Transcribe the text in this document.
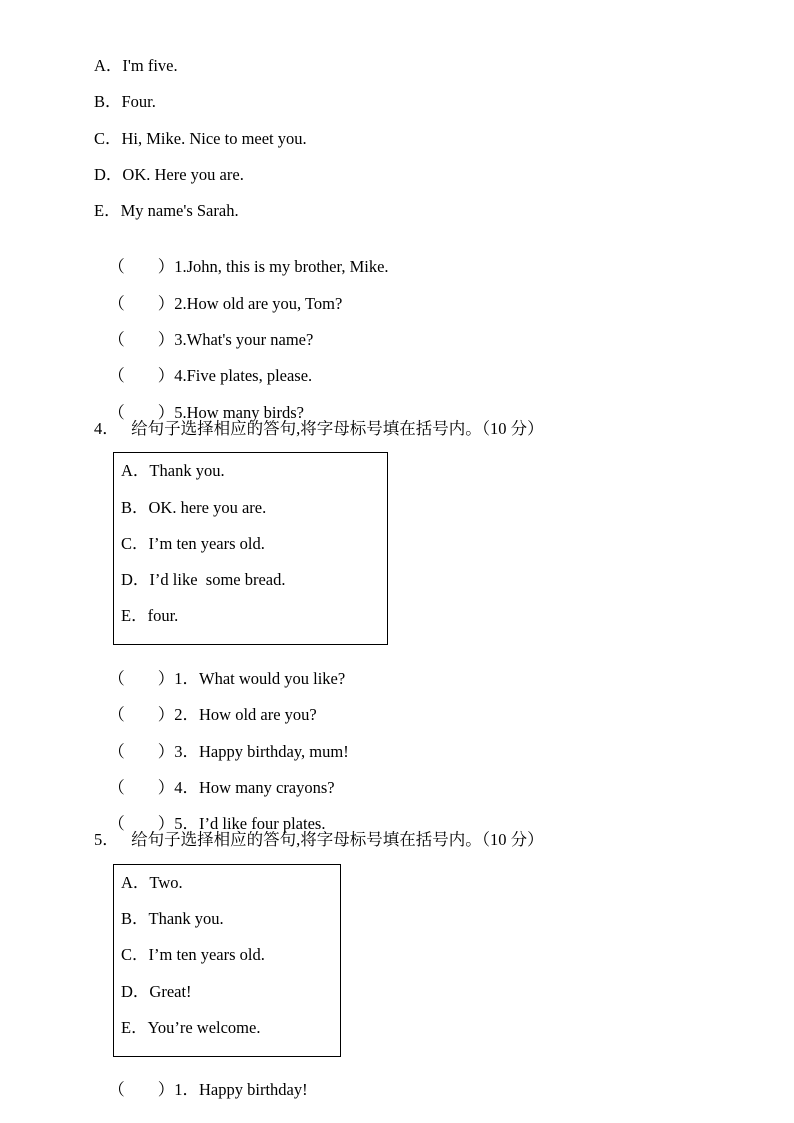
A．I'm five.
B．Four.
C．Hi, Mike. Nice to meet you.
D．OK. Here you are.
E．My name's Sarah.

（        ）1.John, this is my brother, Mike.

（        ）2.How old are you, Tom?

（        ）3.What's your name?

（        ）4.Five plates, please.

（        ）5.How many birds?

4．   给句子选择相应的答句,将字母标号填在括号内。（10 分）
A．Thank you.
B．OK. here you are.
C．I’m ten years old.
D．I’d like  some bread.
E．four.

（        ）1．What would you like?

（        ）2．How old are you?

（        ）3．Happy birthday, mum!

（        ）4．How many crayons?

（        ）5．I’d like four plates.

5．   给句子选择相应的答句,将字母标号填在括号内。（10 分）
A．Two.
B．Thank you.
C．I’m ten years old.
D．Great!
E．You’re welcome.

（        ）1．Happy birthday!
